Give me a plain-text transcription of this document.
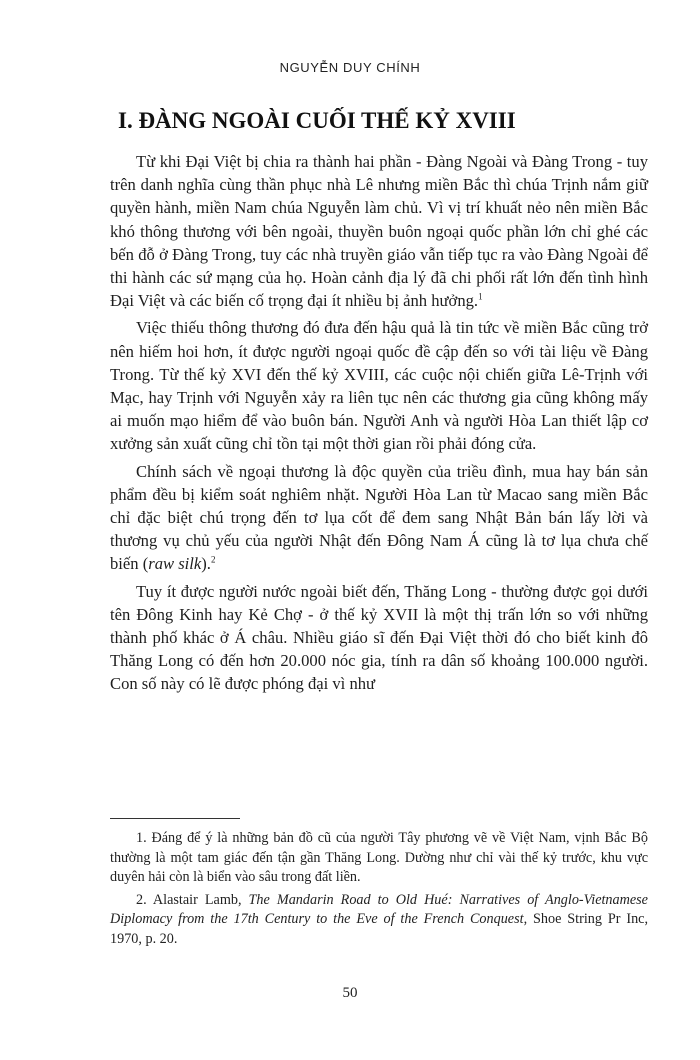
NGUYỄN DUY CHÍNH
I. ĐÀNG NGOÀI CUỐI THẾ KỶ XVIII

Từ khi Đại Việt bị chia ra thành hai phần - Đàng Ngoài và Đàng Trong - tuy trên danh nghĩa cùng thần phục nhà Lê nhưng miền Bắc thì chúa Trịnh nắm giữ quyền hành, miền Nam chúa Nguyễn làm chủ. Vì vị trí khuất nẻo nên miền Bắc khó thông thương với bên ngoài, thuyền buôn ngoại quốc phần lớn chỉ ghé các bến đỗ ở Đàng Trong, tuy các nhà truyền giáo vẫn tiếp tục ra vào Đàng Ngoài để thi hành các sứ mạng của họ. Hoàn cảnh địa lý đã chi phối rất lớn đến tình hình Đại Việt và các biến cố trọng đại ít nhiều bị ảnh hưởng.$^1$

Việc thiếu thông thương đó đưa đến hậu quả là tin tức về miền Bắc cũng trở nên hiếm hoi hơn, ít được người ngoại quốc đề cập đến so với tài liệu về Đàng Trong. Từ thế kỷ XVI đến thế kỷ XVIII, các cuộc nội chiến giữa Lê-Trịnh với Mạc, hay Trịnh với Nguyễn xảy ra liên tục nên các thương gia cũng không mấy ai muốn mạo hiểm để vào buôn bán. Người Anh và người Hòa Lan thiết lập cơ xưởng sản xuất cũng chỉ tồn tại một thời gian rồi phải đóng cửa.

Chính sách về ngoại thương là độc quyền của triều đình, mua hay bán sản phẩm đều bị kiểm soát nghiêm nhặt. Người Hòa Lan từ Macao sang miền Bắc chỉ đặc biệt chú trọng đến tơ lụa cốt để đem sang Nhật Bản bán lấy lời và thương vụ chủ yếu của người Nhật đến Đông Nam Á cũng là tơ lụa chưa chế biến (raw silk).$^2$

Tuy ít được người nước ngoài biết đến, Thăng Long - thường được gọi dưới tên Đông Kinh hay Kẻ Chợ - ở thế kỷ XVII là một thị trấn lớn so với những thành phố khác ở Á châu. Nhiều giáo sĩ đến Đại Việt thời đó cho biết kinh đô Thăng Long có đến hơn 20.000 nóc gia, tính ra dân số khoảng 100.000 người. Con số này có lẽ được phóng đại vì như

1. Đáng để ý là những bản đồ cũ của người Tây phương vẽ về Việt Nam, vịnh Bắc Bộ thường là một tam giác đến tận gần Thăng Long. Dường như chỉ vài thế kỷ trước, khu vực duyên hải còn là biển vào sâu trong đất liền.

2. Alastair Lamb, The Mandarin Road to Old Hué: Narratives of Anglo-Vietnamese Diplomacy from the 17th Century to the Eve of the French Conquest, Shoe String Pr Inc, 1970, p. 20.

50
